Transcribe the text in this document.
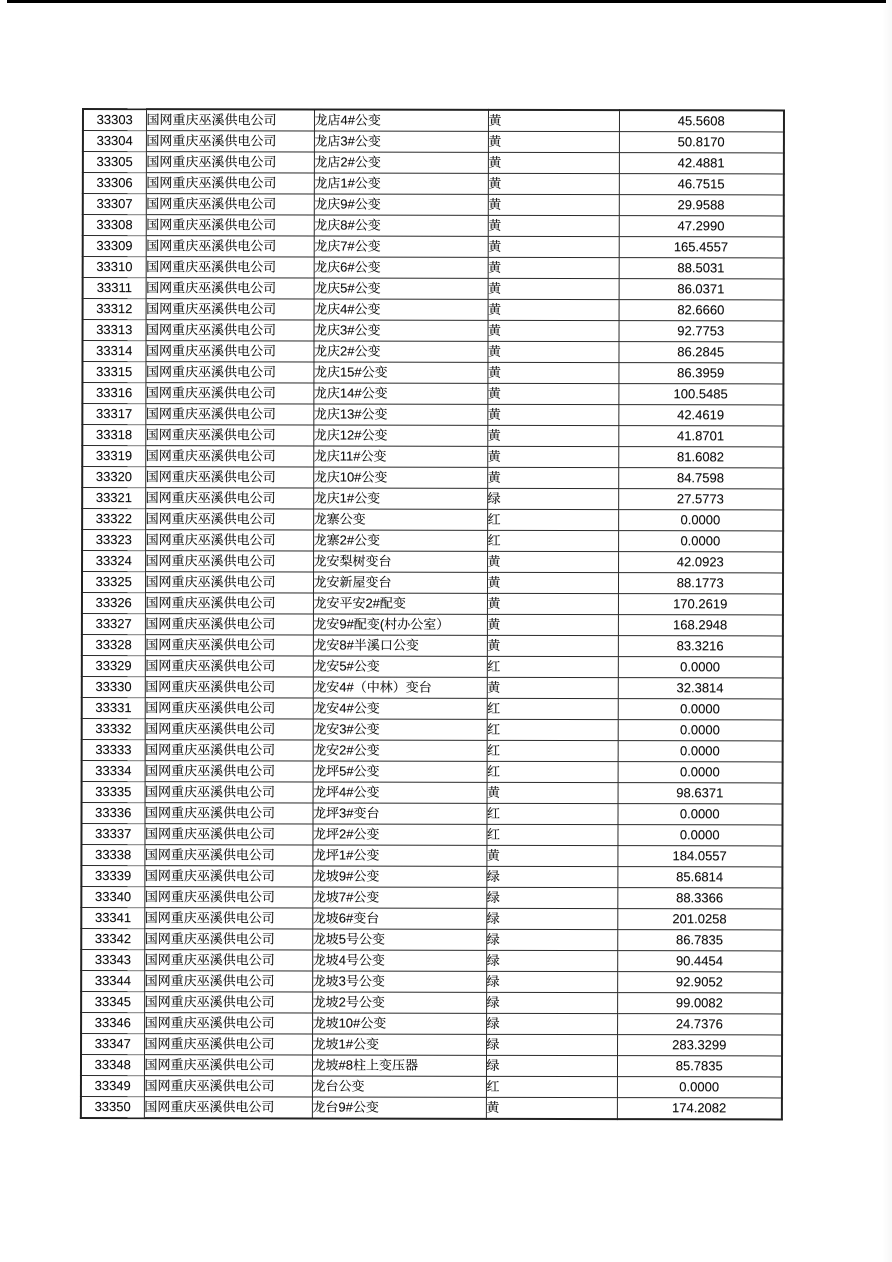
33303	国网重庆巫溪供电公司	龙店4#公变	黄	45.5608
33304	国网重庆巫溪供电公司	龙店3#公变	黄	50.8170
33305	国网重庆巫溪供电公司	龙店2#公变	黄	42.4881
33306	国网重庆巫溪供电公司	龙店1#公变	黄	46.7515
33307	国网重庆巫溪供电公司	龙庆9#公变	黄	29.9588
33308	国网重庆巫溪供电公司	龙庆8#公变	黄	47.2990
33309	国网重庆巫溪供电公司	龙庆7#公变	黄	165.4557
33310	国网重庆巫溪供电公司	龙庆6#公变	黄	88.5031
33311	国网重庆巫溪供电公司	龙庆5#公变	黄	86.0371
33312	国网重庆巫溪供电公司	龙庆4#公变	黄	82.6660
33313	国网重庆巫溪供电公司	龙庆3#公变	黄	92.7753
33314	国网重庆巫溪供电公司	龙庆2#公变	黄	86.2845
33315	国网重庆巫溪供电公司	龙庆15#公变	黄	86.3959
33316	国网重庆巫溪供电公司	龙庆14#公变	黄	100.5485
33317	国网重庆巫溪供电公司	龙庆13#公变	黄	42.4619
33318	国网重庆巫溪供电公司	龙庆12#公变	黄	41.8701
33319	国网重庆巫溪供电公司	龙庆11#公变	黄	81.6082
33320	国网重庆巫溪供电公司	龙庆10#公变	黄	84.7598
33321	国网重庆巫溪供电公司	龙庆1#公变	绿	27.5773
33322	国网重庆巫溪供电公司	龙寨公变	红	0.0000
33323	国网重庆巫溪供电公司	龙寨2#公变	红	0.0000
33324	国网重庆巫溪供电公司	龙安梨树变台	黄	42.0923
33325	国网重庆巫溪供电公司	龙安新屋变台	黄	88.1773
33326	国网重庆巫溪供电公司	龙安平安2#配变	黄	170.2619
33327	国网重庆巫溪供电公司	龙安9#配变(村办公室）	黄	168.2948
33328	国网重庆巫溪供电公司	龙安8#半溪口公变	黄	83.3216
33329	国网重庆巫溪供电公司	龙安5#公变	红	0.0000
33330	国网重庆巫溪供电公司	龙安4#（中林）变台	黄	32.3814
33331	国网重庆巫溪供电公司	龙安4#公变	红	0.0000
33332	国网重庆巫溪供电公司	龙安3#公变	红	0.0000
33333	国网重庆巫溪供电公司	龙安2#公变	红	0.0000
33334	国网重庆巫溪供电公司	龙坪5#公变	红	0.0000
33335	国网重庆巫溪供电公司	龙坪4#公变	黄	98.6371
33336	国网重庆巫溪供电公司	龙坪3#变台	红	0.0000
33337	国网重庆巫溪供电公司	龙坪2#公变	红	0.0000
33338	国网重庆巫溪供电公司	龙坪1#公变	黄	184.0557
33339	国网重庆巫溪供电公司	龙坡9#公变	绿	85.6814
33340	国网重庆巫溪供电公司	龙坡7#公变	绿	88.3366
33341	国网重庆巫溪供电公司	龙坡6#变台	绿	201.0258
33342	国网重庆巫溪供电公司	龙坡5号公变	绿	86.7835
33343	国网重庆巫溪供电公司	龙坡4号公变	绿	90.4454
33344	国网重庆巫溪供电公司	龙坡3号公变	绿	92.9052
33345	国网重庆巫溪供电公司	龙坡2号公变	绿	99.0082
33346	国网重庆巫溪供电公司	龙坡10#公变	绿	24.7376
33347	国网重庆巫溪供电公司	龙坡1#公变	绿	283.3299
33348	国网重庆巫溪供电公司	龙坡#8柱上变压器	绿	85.7835
33349	国网重庆巫溪供电公司	龙台公变	红	0.0000
33350	国网重庆巫溪供电公司	龙台9#公变	黄	174.2082
